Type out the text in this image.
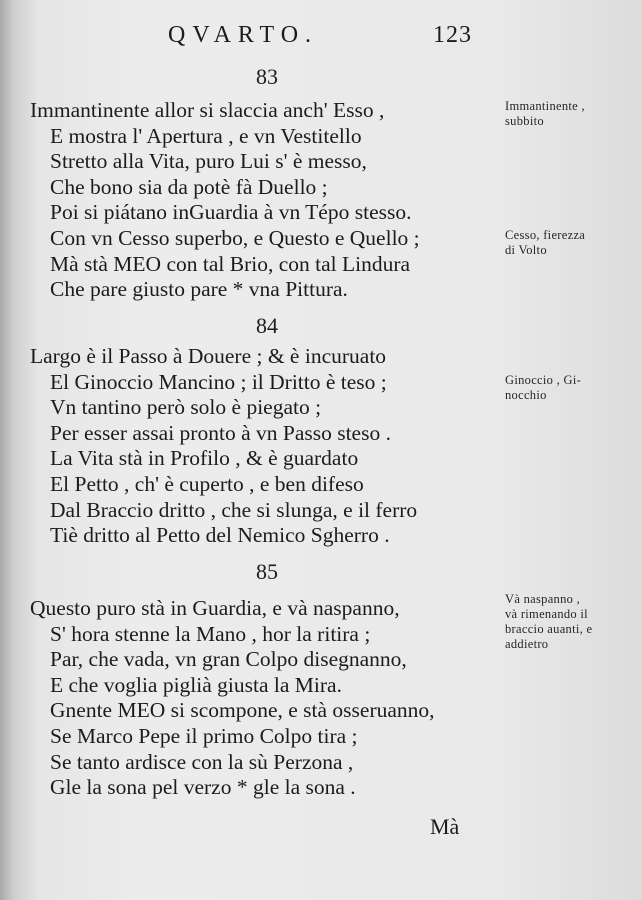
QVARTO.	123
83
Immantinente allor si slaccia anch' Esso ,
E mostra l' Apertura , e vn Vestitello
Stretto alla Vita, puro Lui s' è messo,
Che bono sia da potè fà Duello ;
Poi si piátano inGuardia à vn Tépo stesso.
Con vn Cesso superbo, e Questo e Quello ;
Mà stà MEO con tal Brio, con tal Lindura
Che pare giusto pare * vna Pittura.
84
Largo è il Passo à Douere ; & è incuruato
El Ginoccio Mancino ; il Dritto è teso ;
Vn tantino però solo è piegato ;
Per esser assai pronto à vn Passo steso .
La Vita stà in Profilo , & è guardato
El Petto , ch' è cuperto , e ben difeso
Dal Braccio dritto , che si slunga, e il ferro
Tiè dritto al Petto del Nemico Sgherro .
85
Questo puro stà in Guardia, e và naspanno,
S' hora stenne la Mano , hor la ritira ;
Par, che vada, vn gran Colpo disegnanno,
E che voglia piglià giusta la Mira.
Gnente MEO si scompone, e stà osseruanno,
Se Marco Pepe il primo Colpo tira ;
Se tanto ardisce con la sù Perzona ,
Gle la sona pel verzo * gle la sona .
Immantinente ,
subbito
Cesso, fierezza
di Volto
Ginoccio , Gi-
nocchio
Và naspanno ,
và rimenando il
braccio auanti, e
addietro
Mà
